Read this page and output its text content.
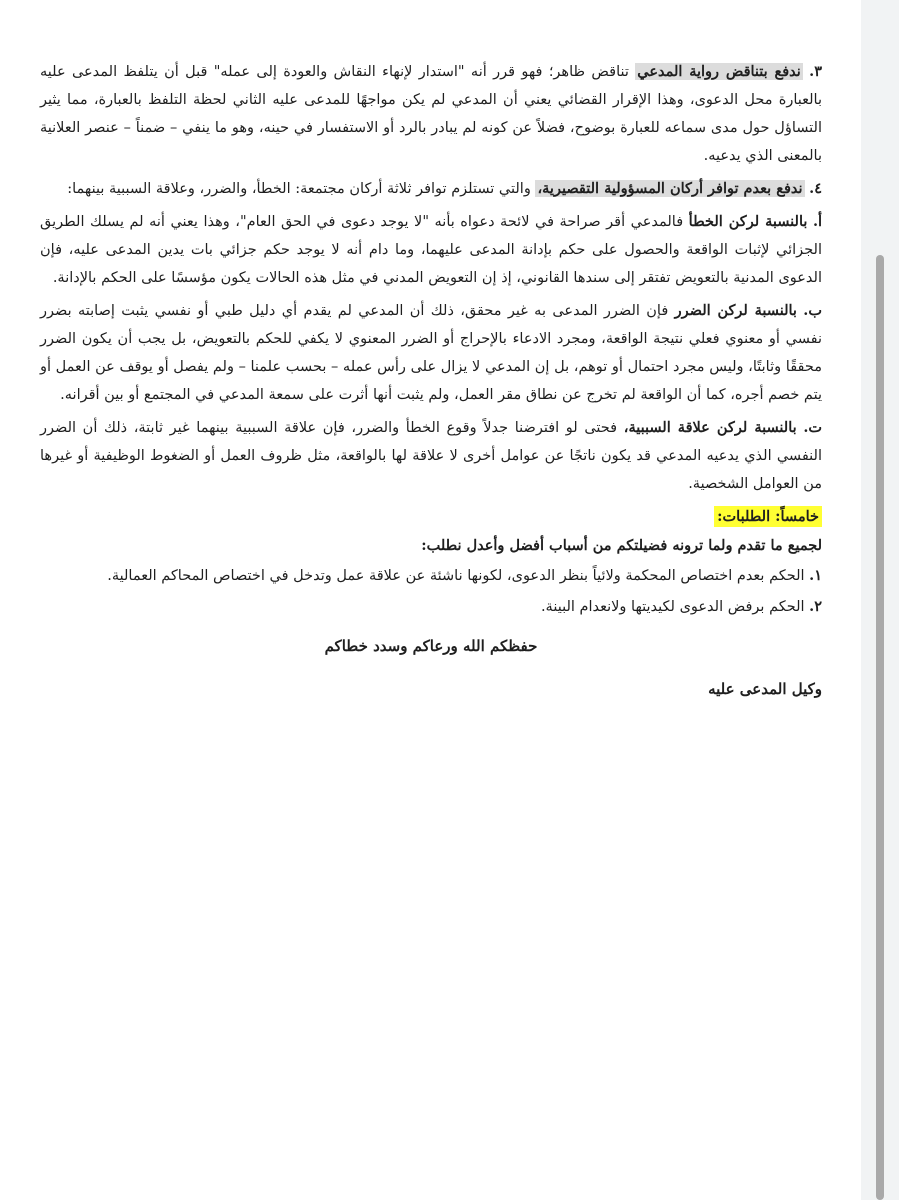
٣. ندفع بتناقض رواية المدعي تناقض ظاهر؛ فهو قرر أنه "استدار لإنهاء النقاش والعودة إلى عمله" قبل أن يتلفظ المدعى عليه بالعبارة محل الدعوى، وهذا الإقرار القضائي يعني أن المدعي لم يكن مواجهًا للمدعى عليه الثاني لحظة التلفظ بالعبارة، مما يثير التساؤل حول مدى سماعه للعبارة بوضوح، فضلاً عن كونه لم يبادر بالرد أو الاستفسار في حينه، وهو ما ينفي – ضمناً – عنصر العلانية بالمعنى الذي يدعيه.

٤. ندفع بعدم توافر أركان المسؤولية التقصيرية، والتي تستلزم توافر ثلاثة أركان مجتمعة: الخطأ، والضرر، وعلاقة السببية بينهما:

أ. بالنسبة لركن الخطأ فالمدعي أقر صراحة في لائحة دعواه بأنه "لا يوجد دعوى في الحق العام"، وهذا يعني أنه لم يسلك الطريق الجزائي لإثبات الواقعة والحصول على حكم بإدانة المدعى عليهما، وما دام أنه لا يوجد حكم جزائي بات يدين المدعى عليه، فإن الدعوى المدنية بالتعويض تفتقر إلى سندها القانوني، إذ إن التعويض المدني في مثل هذه الحالات يكون مؤسسًا على الحكم بالإدانة.

ب. بالنسبة لركن الضرر فإن الضرر المدعى به غير محقق، ذلك أن المدعي لم يقدم أي دليل طبي أو نفسي يثبت إصابته بضرر نفسي أو معنوي فعلي نتيجة الواقعة، ومجرد الادعاء بالإحراج أو الضرر المعنوي لا يكفي للحكم بالتعويض، بل يجب أن يكون الضرر محققًا وثابتًا، وليس مجرد احتمال أو توهم، بل إن المدعي لا يزال على رأس عمله – بحسب علمنا – ولم يفصل أو يوقف عن العمل أو يتم خصم أجره، كما أن الواقعة لم تخرج عن نطاق مقر العمل، ولم يثبت أنها أثرت على سمعة المدعي في المجتمع أو بين أقرانه.

ت. بالنسبة لركن علاقة السببية، فحتى لو افترضنا جدلاً وقوع الخطأ والضرر، فإن علاقة السببية بينهما غير ثابتة، ذلك أن الضرر النفسي الذي يدعيه المدعي قد يكون ناتجًا عن عوامل أخرى لا علاقة لها بالواقعة، مثل ظروف العمل أو الضغوط الوظيفية أو غيرها من العوامل الشخصية.

خامساً: الطلبات:

لجميع ما تقدم ولما ترونه فضيلتكم من أسباب أفضل وأعدل نطلب:

١. الحكم بعدم اختصاص المحكمة ولائياً بنظر الدعوى، لكونها ناشئة عن علاقة عمل وتدخل في اختصاص المحاكم العمالية.

٢. الحكم برفض الدعوى لكيديتها ولانعدام البينة.

حفظكم الله ورعاكم وسدد خطاكم

وكيل المدعى عليه
